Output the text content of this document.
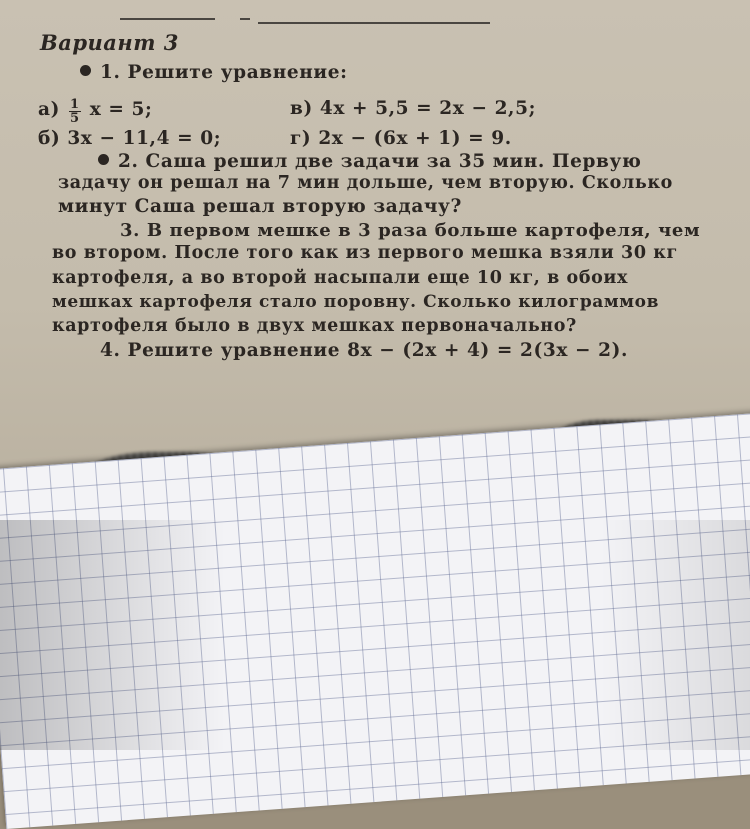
Вариант 3
1. Решите уравнение:
$а) \frac{1}{5}$ x = 5;	в) 4x + 5,5 = 2x − 2,5;
б) 3x − 11,4 = 0;	г) 2x − (6x + 1) = 9.
2. Саша решил две задачи за 35 мин. Первую
задачу он решал на 7 мин дольше, чем вторую. Сколько
минут Саша решал вторую задачу?
3. В первом мешке в 3 раза больше картофеля, чем
во втором. После того как из первого мешка взяли 30 кг
картофеля, а во второй насыпали еще 10 кг, в обоих
мешках картофеля стало поровну. Сколько килограммов
картофеля было в двух мешках первоначально?
4. Решите уравнение 8x − (2x + 4) = 2(3x − 2).
